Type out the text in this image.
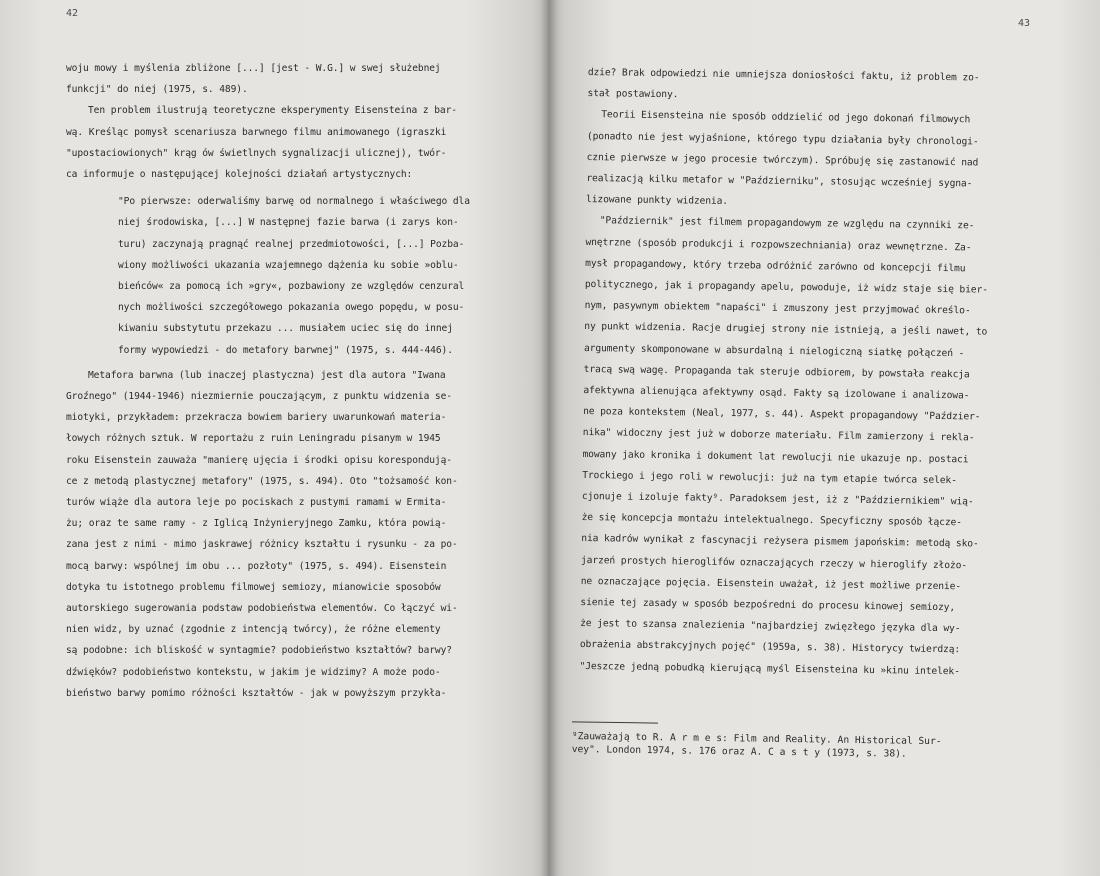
42
woju mowy i myślenia zbliżone [...] [jest - W.G.] w swej służebnej
funkcji" do niej (1975, s. 489).
Ten problem ilustrują teoretyczne eksperymenty Eisensteina z bar-
wą. Kreśląc pomysł scenariusza barwnego filmu animowanego (igraszki
"upostaciowionych" krąg ów świetlnych sygnalizacji ulicznej), twór-
ca informuje o następującej kolejności działań artystycznych:
"Po pierwsze: oderwaliśmy barwę od normalnego i właściwego dla
niej środowiska, [...] W następnej fazie barwa (i zarys kon-
turu) zaczynają pragnąć realnej przedmiotowości, [...] Pozba-
wiony możliwości ukazania wzajemnego dążenia ku sobie »oblu-
bieńców« za pomocą ich »gry«, pozbawiony ze względów cenzural
nych możliwości szczegółowego pokazania owego popędu, w posu-
kiwaniu substytutu przekazu ... musiałem uciec się do innej
formy wypowiedzi - do metafory barwnej" (1975, s. 444-446).
Metafora barwna (lub inaczej plastyczna) jest dla autora "Iwana
Groźnego" (1944-1946) niezmiernie pouczającym, z punktu widzenia se-
miotyki, przykładem: przekracza bowiem bariery uwarunkowań materia-
łowych różnych sztuk. W reportażu z ruin Leningradu pisanym w 1945
roku Eisenstein zauważa "manierę ujęcia i środki opisu korespondują-
ce z metodą plastycznej metafory" (1975, s. 494). Oto "tożsamość kon-
turów wiąże dla autora leje po pociskach z pustymi ramami w Ermita-
żu; oraz te same ramy - z Iglicą Inżynieryjnego Zamku, która powią-
zana jest z nimi - mimo jaskrawej różnicy kształtu i rysunku - za po-
mocą barwy: wspólnej im obu ... pozłoty" (1975, s. 494). Eisenstein
dotyka tu istotnego problemu filmowej semiozy, mianowicie sposobów
autorskiego sugerowania podstaw podobieństwa elementów. Co łączyć wi-
nien widz, by uznać (zgodnie z intencją twórcy), że różne elementy
są podobne: ich bliskość w syntagmie? podobieństwo kształtów? barwy?
dźwięków? podobieństwo kontekstu, w jakim je widzimy? A może podo-
bieństwo barwy pomimo różności kształtów - jak w powyższym przykła-
43
dzie? Brak odpowiedzi nie umniejsza doniosłości faktu, iż problem zo-
stał postawiony.
Teorii Eisensteina nie sposób oddzielić od jego dokonań filmowych
(ponadto nie jest wyjaśnione, którego typu działania były chronologi-
cznie pierwsze w jego procesie twórczym). Spróbuję się zastanowić nad
realizacją kilku metafor w "Październiku", stosując wcześniej sygna-
lizowane punkty widzenia.
"Październik" jest filmem propagandowym ze względu na czynniki ze-
wnętrzne (sposób produkcji i rozpowszechniania) oraz wewnętrzne. Za-
mysł propagandowy, który trzeba odróżnić zarówno od koncepcji filmu
politycznego, jak i propagandy apelu, powoduje, iż widz staje się bier-
nym, pasywnym obiektem "napaści" i zmuszony jest przyjmować określo-
ny punkt widzenia. Racje drugiej strony nie istnieją, a jeśli nawet, to
argumenty skomponowane w absurdalną i nielogiczną siatkę połączeń -
tracą swą wagę. Propaganda tak steruje odbiorem, by powstała reakcja
afektywna alienująca afektywny osąd. Fakty są izolowane i analizowa-
ne poza kontekstem (Neal, 1977, s. 44). Aspekt propagandowy "Paździer-
nika" widoczny jest już w doborze materiału. Film zamierzony i rekla-
mowany jako kronika i dokument lat rewolucji nie ukazuje np. postaci
Trockiego i jego roli w rewolucji: już na tym etapie twórca selek-
cjonuje i izoluje fakty⁹. Paradoksem jest, iż z "Październikiem" wią-
że się koncepcja montażu intelektualnego. Specyficzny sposób łącze-
nia kadrów wynikał z fascynacji reżysera pismem japońskim: metodą sko-
jarzeń prostych hieroglifów oznaczających rzeczy w hieroglify złożo-
ne oznaczające pojęcia. Eisenstein uważał, iż jest możliwe przenie-
sienie tej zasady w sposób bezpośredni do procesu kinowej semiozy,
że jest to szansa znalezienia "najbardziej zwięzłego języka dla wy-
obrażenia abstrakcyjnych pojęć" (1959a, s. 38). Historycy twierdzą:
"Jeszcze jedną pobudką kierującą myśl Eisensteina ku »kinu intelek-
⁹Zauważają to R. A r m e s: Film and Reality. An Historical Sur-
vey". London 1974, s. 176 oraz A. C a s t y (1973, s. 38).
